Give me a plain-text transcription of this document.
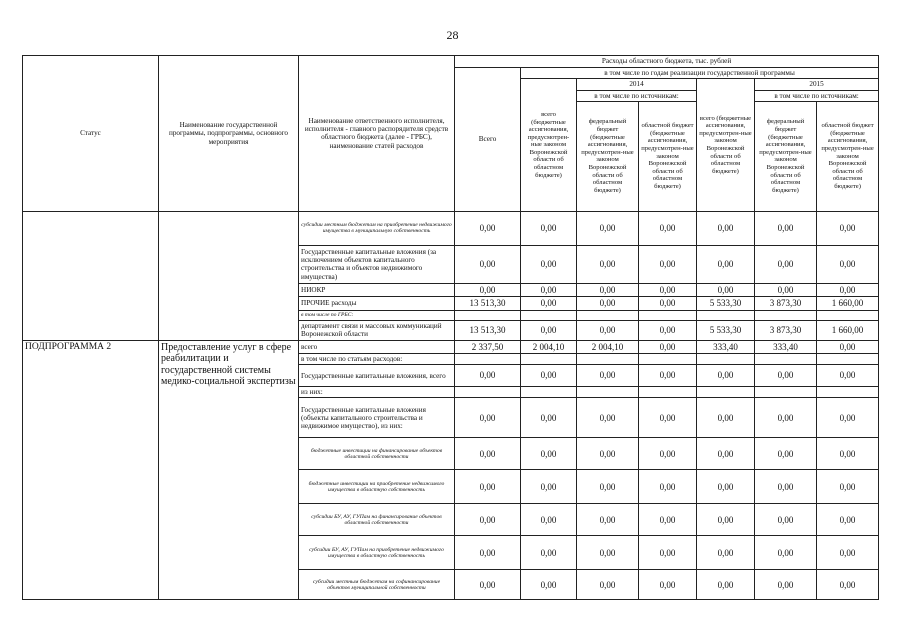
28
Статус	Наименование государственной программы, подпрограммы, основного мероприятия	Наименование ответственного исполнителя, исполнителя - главного распорядителя средств областного бюджета (далее - ГРБС), наименование статей расходов	Расходы областного бюджета, тыс. рублей						
			Всего	в том числе по годам реализации государственной программы					
				всего (бюджетные ассигнования, предусмотрен-ные законом Воронежской области об областном бюджете)	2014		всего (бюджетные ассигнования, предусмотрен-ные законом Воронежской области об областном бюджете)	2015	
					в том числе по источникам:			в том числе по источникам:	
					федеральный бюджет (бюджетные ассигнования, предусмотрен-ные законом Воронежской области об областном бюджете)	областной бюджет (бюджетные ассигнования, предусмотрен-ные законом Воронежской области об областном бюджете)		федеральный бюджет (бюджетные ассигнования, предусмотрен-ные законом Воронежской области об областном бюджете)	областной бюджет (бюджетные ассигнования, предусмотрен-ные законом Воронежской области об областном бюджете)
		субсидии местным бюджетам на приобретение недвижимого имущества в муниципальную собственность	0,00	0,00	0,00	0,00	0,00	0,00	0,00
		Государственные капитальные вложения (за исключением объектов капитального строительства и объектов недвижимого имущества)	0,00	0,00	0,00	0,00	0,00	0,00	0,00
		НИОКР	0,00	0,00	0,00	0,00	0,00	0,00	0,00
		ПРОЧИЕ расходы	13 513,30	0,00	0,00	0,00	5 533,30	3 873,30	1 660,00
		в том числе по ГРБС:							
		департамент связи и массовых коммуникаций Воронежской области	13 513,30	0,00	0,00	0,00	5 533,30	3 873,30	1 660,00
ПОДПРОГРАММА 2	Предоставление услуг в сфере реабилитации и государственной системы медико-социальной экспертизы	всего	2 337,50	2 004,10	2 004,10	0,00	333,40	333,40	0,00
		в том числе по статьям расходов:							
		Государственные капитальные вложения, всего	0,00	0,00	0,00	0,00	0,00	0,00	0,00
		из них:							
		Государственные капитальные вложения (объекты капитального строительства и недвижимое имущество), из них:	0,00	0,00	0,00	0,00	0,00	0,00	0,00
		бюджетные инвестиции на финансирование объектов областной собственности	0,00	0,00	0,00	0,00	0,00	0,00	0,00
		бюджетные инвестиции на приобретение недвижимого имущества в областную собственность	0,00	0,00	0,00	0,00	0,00	0,00	0,00
		субсидии БУ, АУ, ГУПам на финансирование объектов областной собственности	0,00	0,00	0,00	0,00	0,00	0,00	0,00
		субсидии БУ, АУ, ГУПам на приобретение недвижимого имущества в областную собственность	0,00	0,00	0,00	0,00	0,00	0,00	0,00
		субсидии местным бюджетам на софинансирование объектов муниципальной собственности	0,00	0,00	0,00	0,00	0,00	0,00	0,00
